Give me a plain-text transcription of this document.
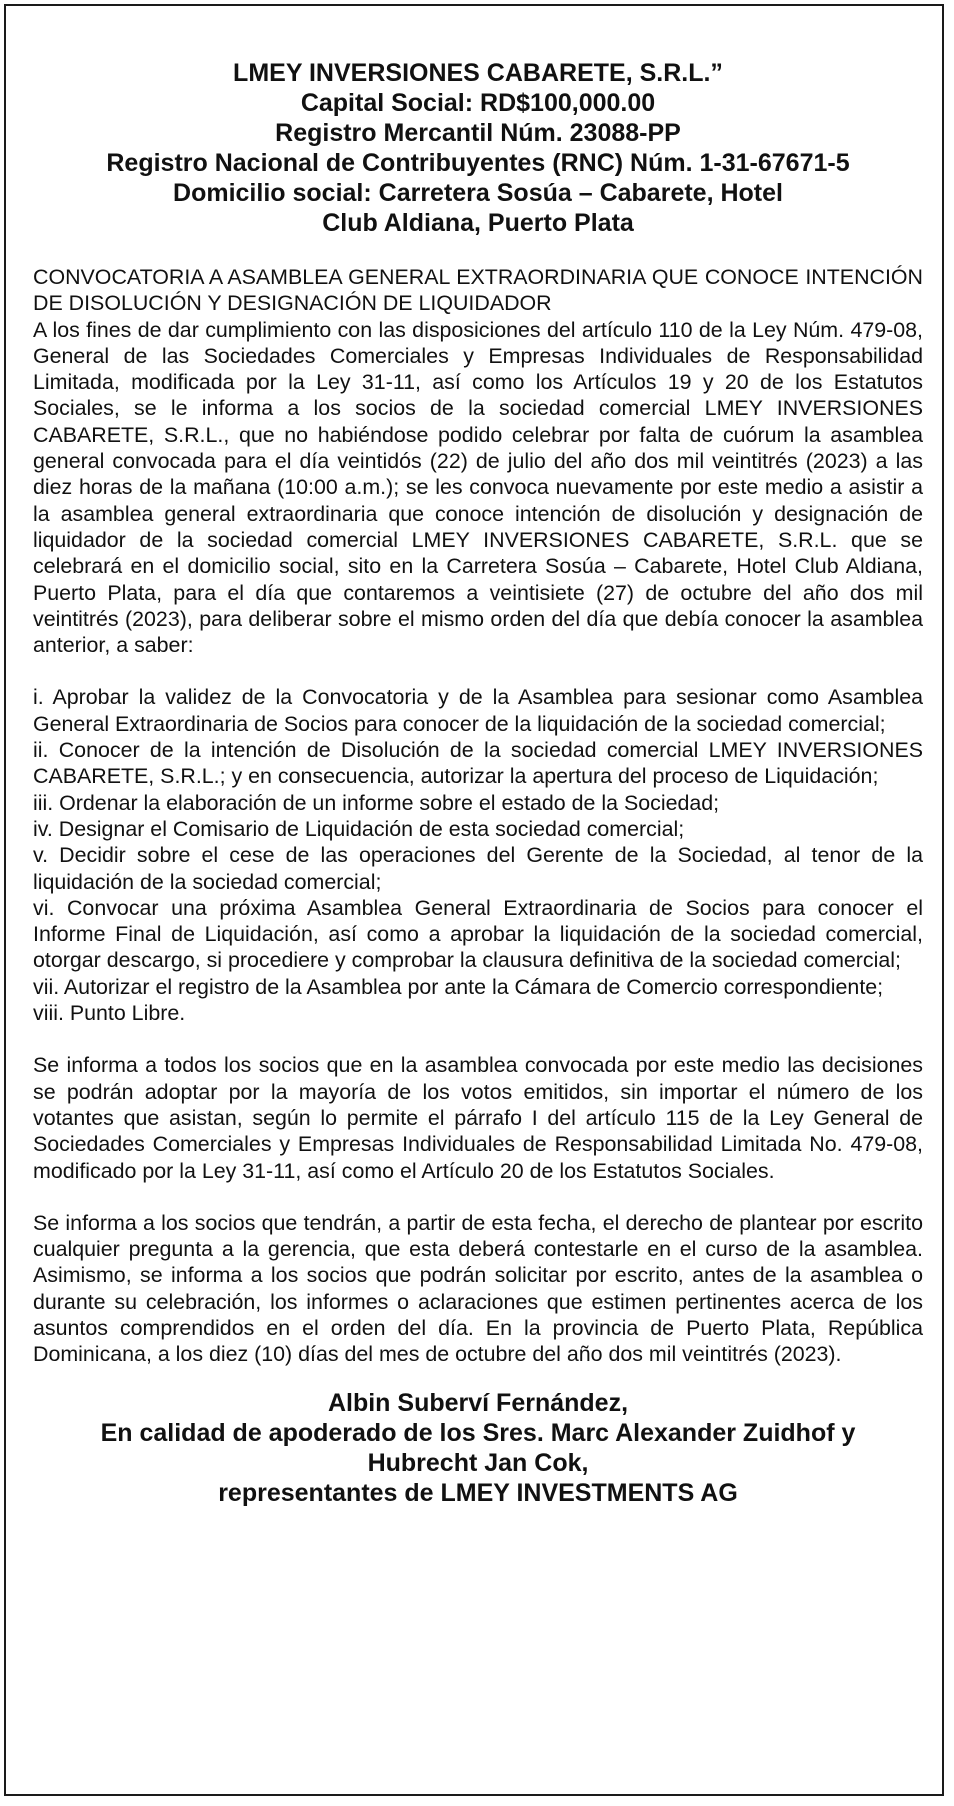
LMEY INVERSIONES CABARETE, S.R.L.”
Capital Social: RD$100,000.00
Registro Mercantil Núm. 23088-PP
Registro Nacional de Contribuyentes (RNC) Núm. 1-31-67671-5
Domicilio social: Carretera Sosúa – Cabarete, Hotel
Club Aldiana, Puerto Plata

CONVOCATORIA A ASAMBLEA GENERAL EXTRAORDINARIA QUE CONOCE INTENCIÓN DE DISOLUCIÓN Y DESIGNACIÓN DE LIQUIDADOR

A los fines de dar cumplimiento con las disposiciones del artículo 110 de la Ley Núm. 479-08, General de las Sociedades Comerciales y Empresas Individuales de Responsabilidad Limitada, modificada por la Ley 31-11, así como los Artículos 19 y 20 de los Estatutos Sociales, se le informa a los socios de la sociedad comercial LMEY INVERSIONES CABARETE, S.R.L., que no habiéndose podido celebrar por falta de cuórum la asamblea general convocada para el día veintidós (22) de julio del año dos mil veintitrés (2023) a las diez horas de la mañana (10:00 a.m.); se les convoca nuevamente por este medio a asistir a la asamblea general extraordinaria que conoce intención de disolución y designación de liquidador de la sociedad comercial LMEY INVERSIONES CABARETE, S.R.L. que se celebrará en el domicilio social, sito en la Carretera Sosúa – Cabarete, Hotel Club Aldiana, Puerto Plata, para el día que contaremos a veintisiete (27) de octubre del año dos mil veintitrés (2023), para deliberar sobre el mismo orden del día que debía conocer la asamblea anterior, a saber:

i. Aprobar la validez de la Convocatoria y de la Asamblea para sesionar como Asamblea General Extraordinaria de Socios para conocer de la liquidación de la sociedad comercial;

ii. Conocer de la intención de Disolución de la sociedad comercial LMEY INVERSIONES CABARETE, S.R.L.; y en consecuencia, autorizar la apertura del proceso de Liquidación;

iii. Ordenar la elaboración de un informe sobre el estado de la Sociedad;

iv. Designar el Comisario de Liquidación de esta sociedad comercial;

v. Decidir sobre el cese de las operaciones del Gerente de la Sociedad, al tenor de la liquidación de la sociedad comercial;

vi. Convocar una próxima Asamblea General Extraordinaria de Socios para conocer el Informe Final de Liquidación, así como a aprobar la liquidación de la sociedad comercial, otorgar descargo, si procediere y comprobar la clausura definitiva de la sociedad comercial;

vii. Autorizar el registro de la Asamblea por ante la Cámara de Comercio correspondiente;

viii. Punto Libre.

Se informa a todos los socios que en la asamblea convocada por este medio las decisiones se podrán adoptar por la mayoría de los votos emitidos, sin importar el número de los votantes que asistan, según lo permite el párrafo I del artículo 115 de la Ley General de Sociedades Comerciales y Empresas Individuales de Responsabilidad Limitada No. 479-08, modificado por la Ley 31-11, así como el Artículo 20 de los Estatutos Sociales.

Se informa a los socios que tendrán, a partir de esta fecha, el derecho de plantear por escrito cualquier pregunta a la gerencia, que esta deberá contestarle en el curso de la asamblea. Asimismo, se informa a los socios que podrán solicitar por escrito, antes de la asamblea o durante su celebración, los informes o aclaraciones que estimen pertinentes acerca de los asuntos comprendidos en el orden del día. En la provincia de Puerto Plata, República Dominicana, a los diez (10) días del mes de octubre del año dos mil veintitrés (2023).

Albin Suberví Fernández,
En calidad de apoderado de los Sres. Marc Alexander Zuidhof y
Hubrecht Jan Cok,
representantes de LMEY INVESTMENTS AG
